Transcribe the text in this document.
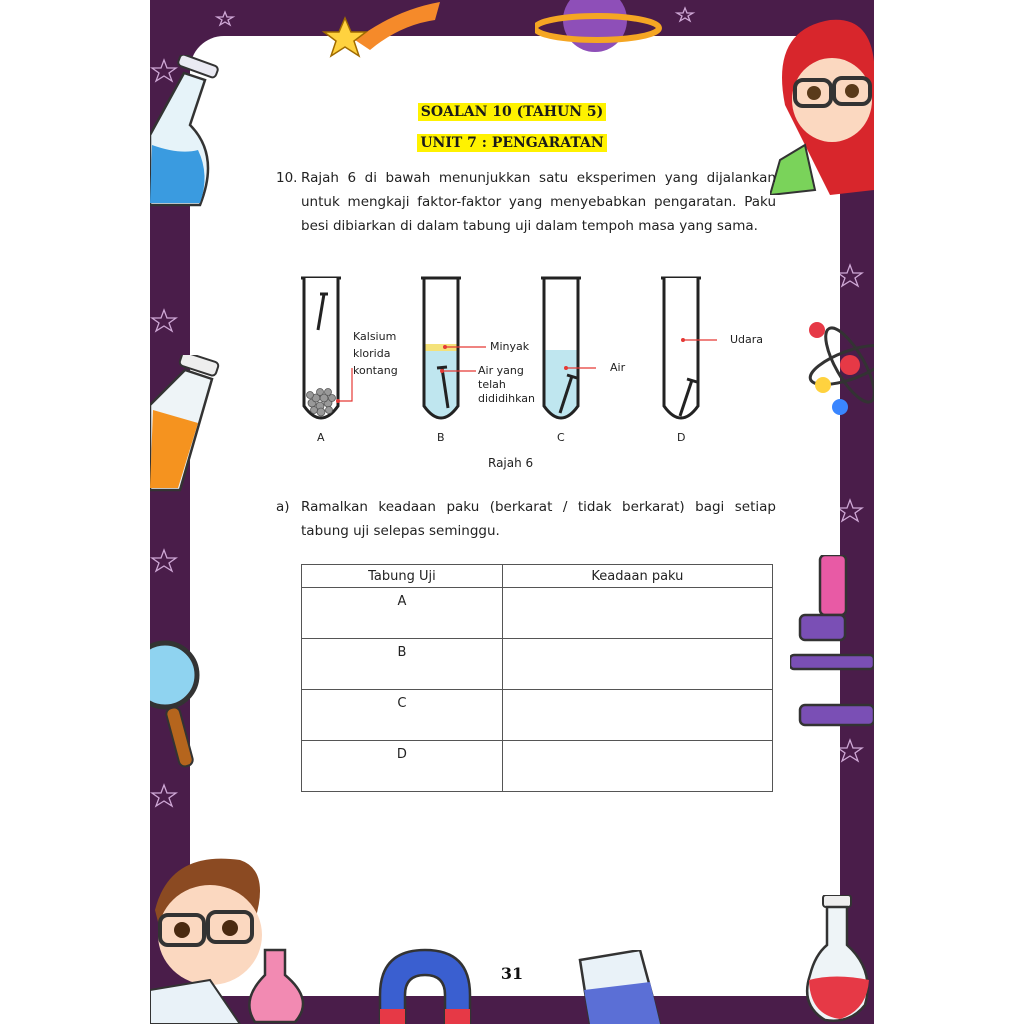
SOALAN 10 (TAHUN 5)
UNIT 7 : PENGARATAN
10. Rajah 6 di bawah menunjukkan satu eksperimen yang dijalankan
untuk mengkaji faktor-faktor yang menyebabkan pengaratan. Paku
besi dibiarkan di dalam tabung uji dalam tempoh masa yang sama.
Kalsium
klorida
kontang
Minyak
Air yang
telah
dididihkan
Air
Udara
A	B	C	D
Rajah 6
a) Ramalkan keadaan paku (berkarat / tidak berkarat) bagi setiap
tabung uji selepas seminggu.
Tabung Uji	Keadaan paku
A	
B	
C	
D	
31
